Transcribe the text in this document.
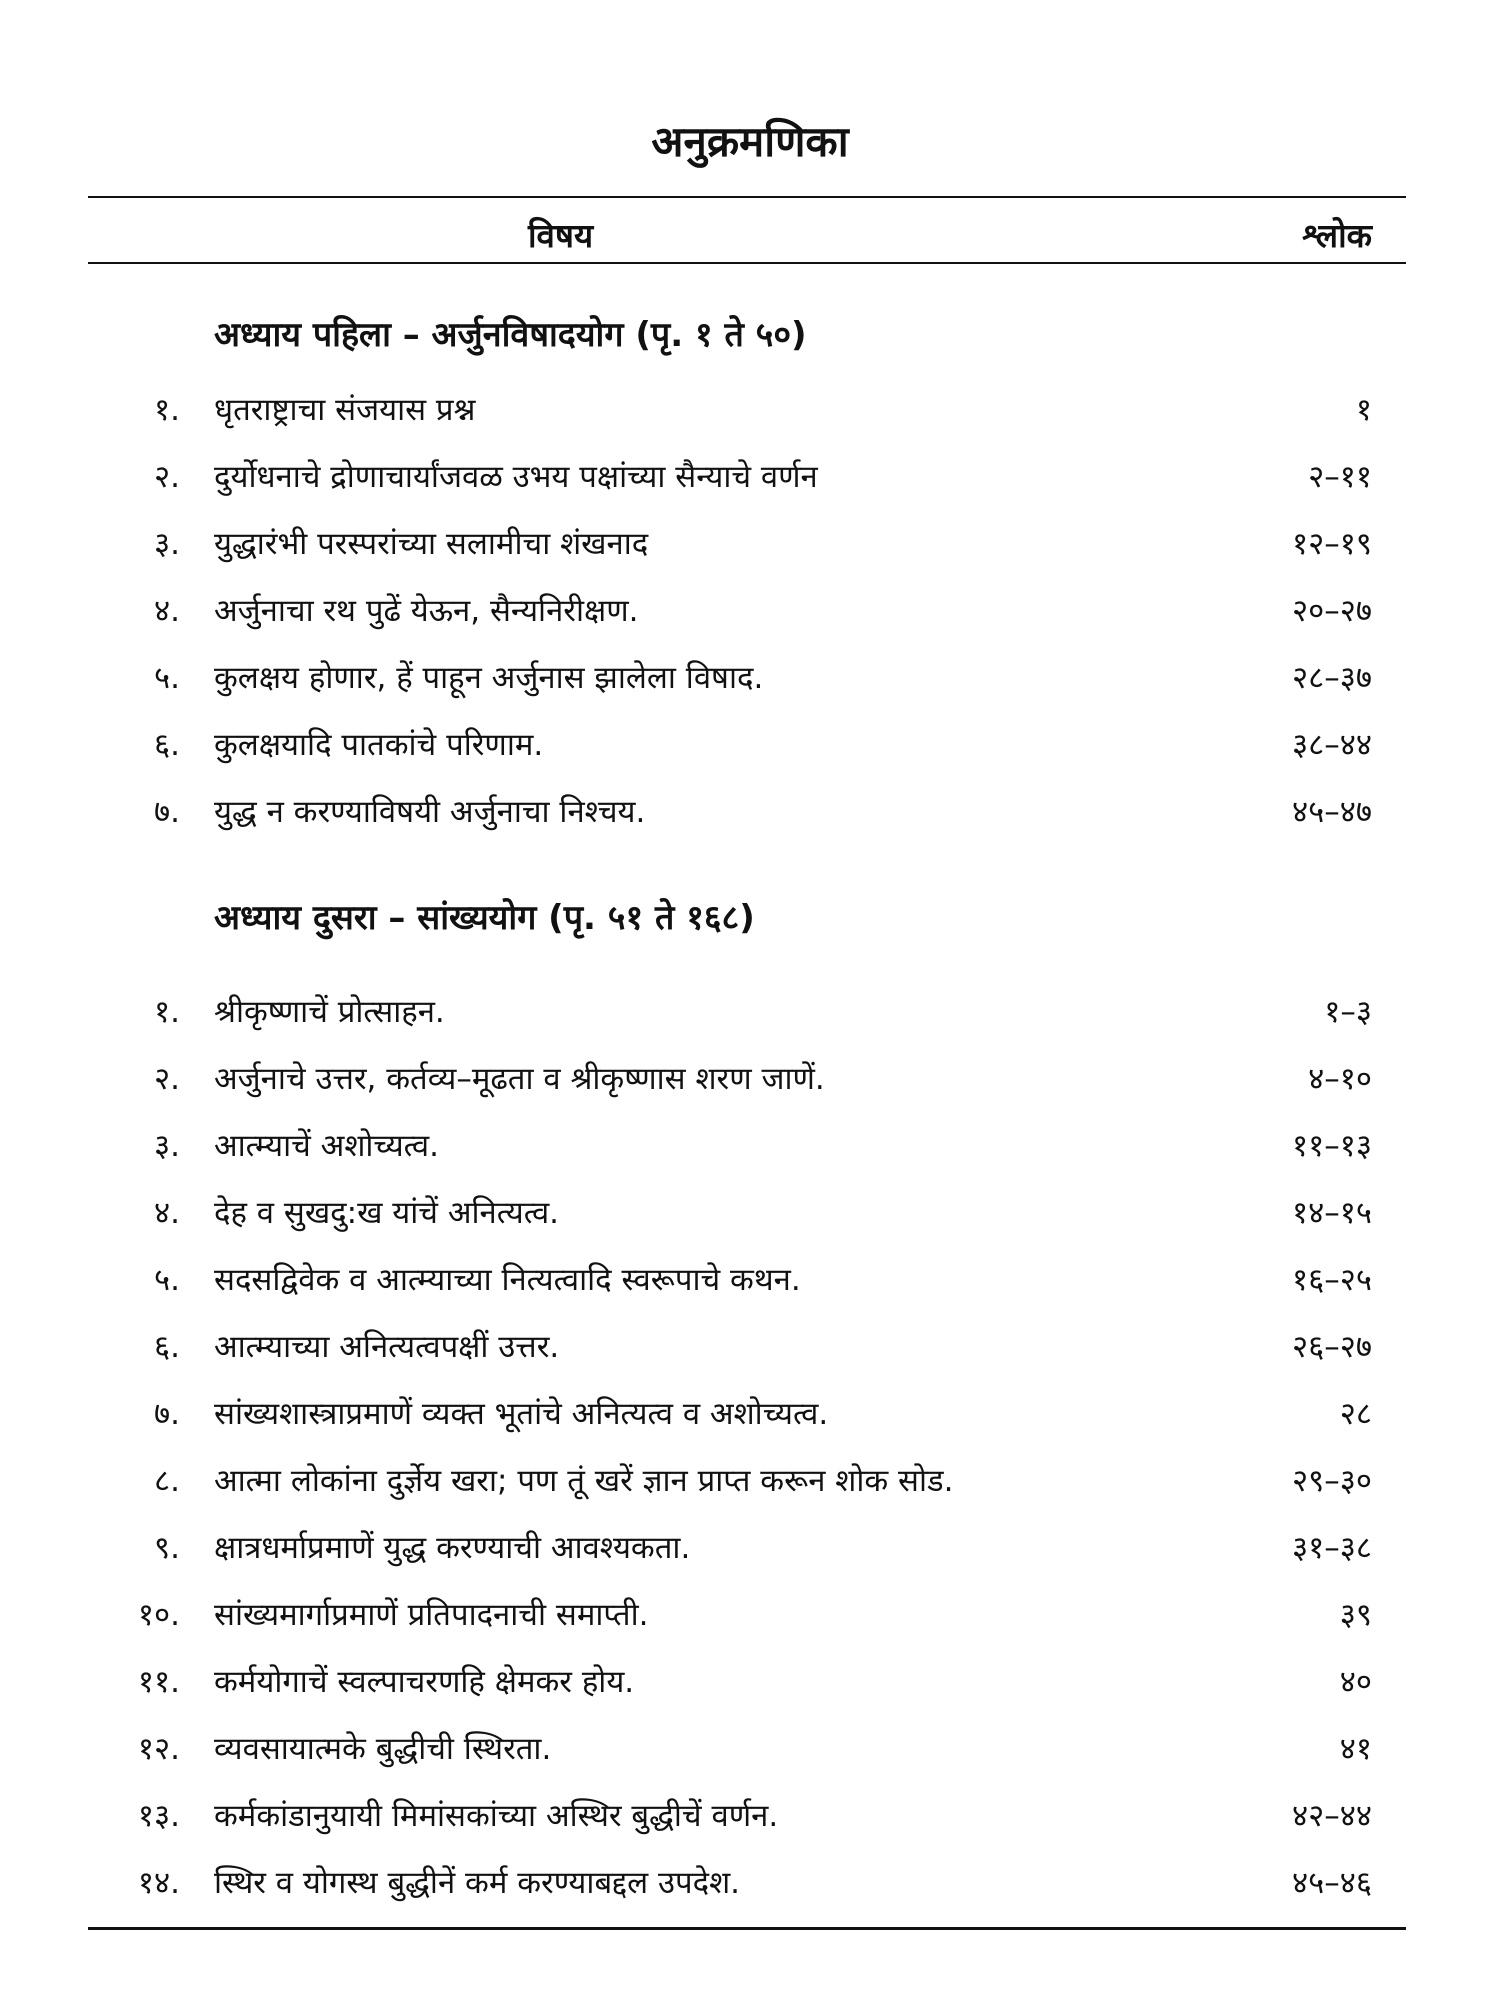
अनुक्रमणिका
विषय	श्लोक
अध्याय पहिला – अर्जुनविषादयोग (पृ. १ ते ५०)
१. धृतराष्ट्राचा संजयास प्रश्न	१
२. दुर्योधनाचे द्रोणाचार्यांजवळ उभय पक्षांच्या सैन्याचे वर्णन	२–११
३. युद्धारंभी परस्परांच्या सलामीचा शंखनाद	१२–१९
४. अर्जुनाचा रथ पुढें येऊन, सैन्यनिरीक्षण.	२०–२७
५. कुलक्षय होणार, हें पाहून अर्जुनास झालेला विषाद.	२८–३७
६. कुलक्षयादि पातकांचे परिणाम.	३८–४४
७. युद्ध न करण्याविषयी अर्जुनाचा निश्चय.	४५–४७
अध्याय दुसरा – सांख्ययोग (पृ. ५१ ते १६८)
१. श्रीकृष्णाचें प्रोत्साहन.	१–३
२. अर्जुनाचे उत्तर, कर्तव्य–मूढता व श्रीकृष्णास शरण जाणें.	४–१०
३. आत्म्याचें अशोच्यत्व.	११–१३
४. देह व सुखदु:ख यांचें अनित्यत्व.	१४–१५
५. सदसद्विवेक व आत्म्याच्या नित्यत्वादि स्वरूपाचे कथन.	१६–२५
६. आत्म्याच्या अनित्यत्वपक्षीं उत्तर.	२६–२७
७. सांख्यशास्त्राप्रमाणें व्यक्त भूतांचे अनित्यत्व व अशोच्यत्व.	२८
८. आत्मा लोकांना दुर्ज्ञेय खरा; पण तूं खरें ज्ञान प्राप्त करून शोक सोड.	२९–३०
९. क्षात्रधर्माप्रमाणें युद्ध करण्याची आवश्यकता.	३१–३८
१०. सांख्यमार्गाप्रमाणें प्रतिपादनाची समाप्ती.	३९
११. कर्मयोगाचें स्वल्पाचरणहि क्षेमकर होय.	४०
१२. व्यवसायात्मके बुद्धीची स्थिरता.	४१
१३. कर्मकांडानुयायी मिमांसकांच्या अस्थिर बुद्धीचें वर्णन.	४२–४४
१४. स्थिर व योगस्थ बुद्धीनें कर्म करण्याबद्दल उपदेश.	४५–४६
